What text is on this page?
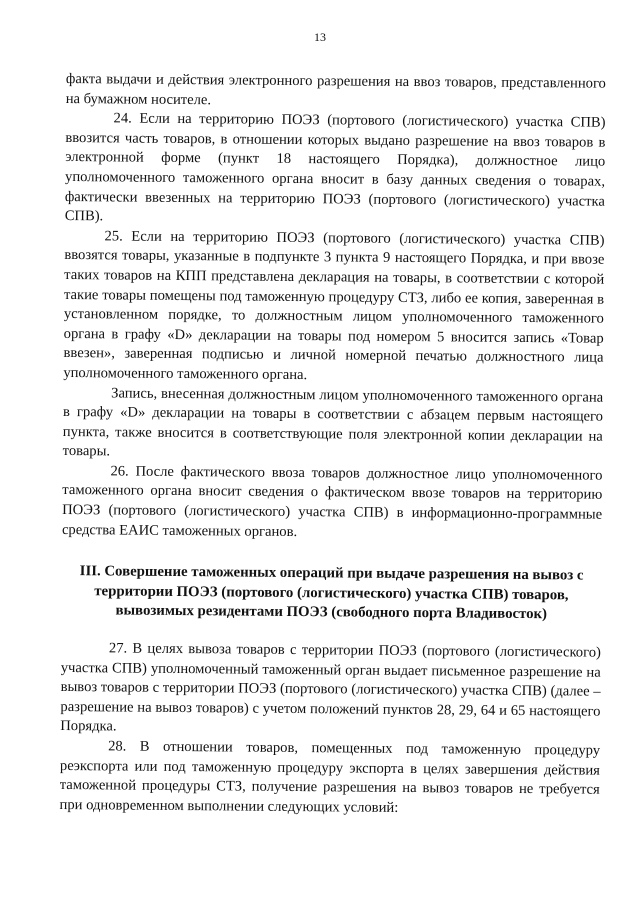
13

факта выдачи и действия электронного разрешения на ввоз товаров, представленного на бумажном носителе.

24. Если на территорию ПОЭЗ (портового (логистического) участка СПВ) ввозится часть товаров, в отношении которых выдано разрешение на ввоз товаров в электронной форме (пункт 18 настоящего Порядка), должностное лицо уполномоченного таможенного органа вносит в базу данных сведения о товарах, фактически ввезенных на территорию ПОЭЗ (портового (логистического) участка СПВ).

25. Если на территорию ПОЭЗ (портового (логистического) участка СПВ) ввозятся товары, указанные в подпункте 3 пункта 9 настоящего Порядка, и при ввозе таких товаров на КПП представлена декларация на товары, в соответствии с которой такие товары помещены под таможенную процедуру СТЗ, либо ее копия, заверенная в установленном порядке, то должностным лицом уполномоченного таможенного органа в графу «D» декларации на товары под номером 5 вносится запись «Товар ввезен», заверенная подписью и личной номерной печатью должностного лица уполномоченного таможенного органа.

Запись, внесенная должностным лицом уполномоченного таможенного органа в графу «D» декларации на товары в соответствии с абзацем первым настоящего пункта, также вносится в соответствующие поля электронной копии декларации на товары.

26. После фактического ввоза товаров должностное лицо уполномоченного таможенного органа вносит сведения о фактическом ввозе товаров на территорию ПОЭЗ (портового (логистического) участка СПВ) в информационно-программные средства ЕАИС таможенных органов.

III. Совершение таможенных операций при выдаче разрешения на вывоз с территории ПОЭЗ (портового (логистического) участка СПВ) товаров, вывозимых резидентами ПОЭЗ (свободного порта Владивосток)

27. В целях вывоза товаров с территории ПОЭЗ (портового (логистического) участка СПВ) уполномоченный таможенный орган выдает письменное разрешение на вывоз товаров с территории ПОЭЗ (портового (логистического) участка СПВ) (далее – разрешение на вывоз товаров) с учетом положений пунктов 28, 29, 64 и 65 настоящего Порядка.

28. В отношении товаров, помещенных под таможенную процедуру реэкспорта или под таможенную процедуру экспорта в целях завершения действия таможенной процедуры СТЗ, получение разрешения на вывоз товаров не требуется при одновременном выполнении следующих условий:
